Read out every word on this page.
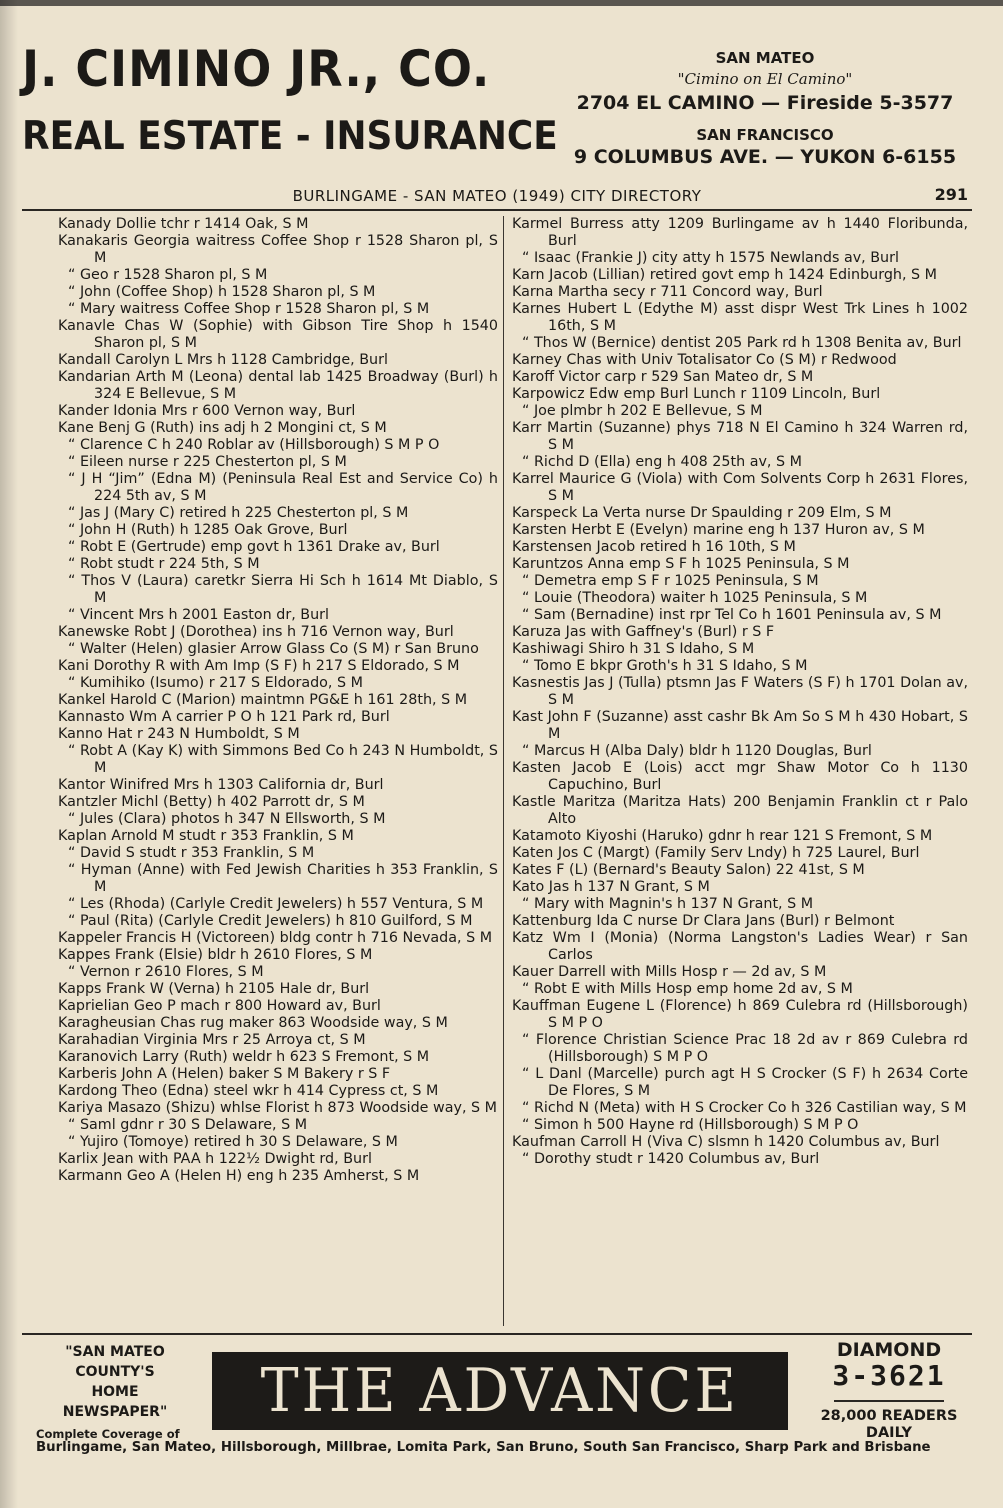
J. CIMINO JR., CO.
REAL ESTATE - INSURANCE
SAN MATEO
"Cimino on El Camino"
2704 EL CAMINO — Fireside 5-3577
SAN FRANCISCO
9 COLUMBUS AVE. — YUKON 6-6155
BURLINGAME - SAN MATEO (1949) CITY DIRECTORY	291

Kanady Dollie tchr r 1414 Oak, S M

Kanakaris Georgia waitress Coffee Shop r 1528 Sharon pl, S M

“ Geo r 1528 Sharon pl, S M

“ John (Coffee Shop) h 1528 Sharon pl, S M

“ Mary waitress Coffee Shop r 1528 Sharon pl, S M

Kanavle Chas W (Sophie) with Gibson Tire Shop h 1540 Sharon pl, S M

Kandall Carolyn L Mrs h 1128 Cambridge, Burl

Kandarian Arth M (Leona) dental lab 1425 Broadway (Burl) h 324 E Bellevue, S M

Kander Idonia Mrs r 600 Vernon way, Burl

Kane Benj G (Ruth) ins adj h 2 Mongini ct, S M

“ Clarence C h 240 Roblar av (Hillsborough) S M P O

“ Eileen nurse r 225 Chesterton pl, S M

“ J H “Jim” (Edna M) (Peninsula Real Est and Service Co) h 224 5th av, S M

“ Jas J (Mary C) retired h 225 Chesterton pl, S M

“ John H (Ruth) h 1285 Oak Grove, Burl

“ Robt E (Gertrude) emp govt h 1361 Drake av, Burl

“ Robt studt r 224 5th, S M

“ Thos V (Laura) caretkr Sierra Hi Sch h 1614 Mt Diablo, S M

“ Vincent Mrs h 2001 Easton dr, Burl

Kanewske Robt J (Dorothea) ins h 716 Vernon way, Burl

“ Walter (Helen) glasier Arrow Glass Co (S M) r San Bruno

Kani Dorothy R with Am Imp (S F) h 217 S Eldorado, S M

“ Kumihiko (Isumo) r 217 S Eldorado, S M

Kankel Harold C (Marion) maintmn PG&E h 161 28th, S M

Kannasto Wm A carrier P O h 121 Park rd, Burl

Kanno Hat r 243 N Humboldt, S M

“ Robt A (Kay K) with Simmons Bed Co h 243 N Humboldt, S M

Kantor Winifred Mrs h 1303 California dr, Burl

Kantzler Michl (Betty) h 402 Parrott dr, S M

“ Jules (Clara) photos h 347 N Ellsworth, S M

Kaplan Arnold M studt r 353 Franklin, S M

“ David S studt r 353 Franklin, S M

“ Hyman (Anne) with Fed Jewish Charities h 353 Franklin, S M

“ Les (Rhoda) (Carlyle Credit Jewelers) h 557 Ventura, S M

“ Paul (Rita) (Carlyle Credit Jewelers) h 810 Guilford, S M

Kappeler Francis H (Victoreen) bldg contr h 716 Nevada, S M

Kappes Frank (Elsie) bldr h 2610 Flores, S M

“ Vernon r 2610 Flores, S M

Kapps Frank W (Verna) h 2105 Hale dr, Burl

Kaprielian Geo P mach r 800 Howard av, Burl

Karagheusian Chas rug maker 863 Woodside way, S M

Karahadian Virginia Mrs r 25 Arroya ct, S M

Karanovich Larry (Ruth) weldr h 623 S Fremont, S M

Karberis John A (Helen) baker S M Bakery r S F

Kardong Theo (Edna) steel wkr h 414 Cypress ct, S M

Kariya Masazo (Shizu) whlse Florist h 873 Woodside way, S M

“ Saml gdnr r 30 S Delaware, S M

“ Yujiro (Tomoye) retired h 30 S Delaware, S M

Karlix Jean with PAA h 122½ Dwight rd, Burl

Karmann Geo A (Helen H) eng h 235 Amherst, S M

Karmel Burress atty 1209 Burlingame av h 1440 Floribunda, Burl

“ Isaac (Frankie J) city atty h 1575 Newlands av, Burl

Karn Jacob (Lillian) retired govt emp h 1424 Edinburgh, S M

Karna Martha secy r 711 Concord way, Burl

Karnes Hubert L (Edythe M) asst dispr West Trk Lines h 1002 16th, S M

“ Thos W (Bernice) dentist 205 Park rd h 1308 Benita av, Burl

Karney Chas with Univ Totalisator Co (S M) r Redwood

Karoff Victor carp r 529 San Mateo dr, S M

Karpowicz Edw emp Burl Lunch r 1109 Lincoln, Burl

“ Joe plmbr h 202 E Bellevue, S M

Karr Martin (Suzanne) phys 718 N El Camino h 324 Warren rd, S M

“ Richd D (Ella) eng h 408 25th av, S M

Karrel Maurice G (Viola) with Com Solvents Corp h 2631 Flores, S M

Karspeck La Verta nurse Dr Spaulding r 209 Elm, S M

Karsten Herbt E (Evelyn) marine eng h 137 Huron av, S M

Karstensen Jacob retired h 16 10th, S M

Karuntzos Anna emp S F h 1025 Peninsula, S M

“ Demetra emp S F r 1025 Peninsula, S M

“ Louie (Theodora) waiter h 1025 Peninsula, S M

“ Sam (Bernadine) inst rpr Tel Co h 1601 Peninsula av, S M

Karuza Jas with Gaffney's (Burl) r S F

Kashiwagi Shiro h 31 S Idaho, S M

“ Tomo E bkpr Groth's h 31 S Idaho, S M

Kasnestis Jas J (Tulla) ptsmn Jas F Waters (S F) h 1701 Dolan av, S M

Kast John F (Suzanne) asst cashr Bk Am So S M h 430 Hobart, S M

“ Marcus H (Alba Daly) bldr h 1120 Douglas, Burl

Kasten Jacob E (Lois) acct mgr Shaw Motor Co h 1130 Capuchino, Burl

Kastle Maritza (Maritza Hats) 200 Benjamin Franklin ct r Palo Alto

Katamoto Kiyoshi (Haruko) gdnr h rear 121 S Fremont, S M

Katen Jos C (Margt) (Family Serv Lndy) h 725 Laurel, Burl

Kates F (L) (Bernard's Beauty Salon) 22 41st, S M

Kato Jas h 137 N Grant, S M

“ Mary with Magnin's h 137 N Grant, S M

Kattenburg Ida C nurse Dr Clara Jans (Burl) r Belmont

Katz Wm I (Monia) (Norma Langston's Ladies Wear) r San Carlos

Kauer Darrell with Mills Hosp r — 2d av, S M

“ Robt E with Mills Hosp emp home 2d av, S M

Kauffman Eugene L (Florence) h 869 Culebra rd (Hillsborough) S M P O

“ Florence Christian Science Prac 18 2d av r 869 Culebra rd (Hillsborough) S M P O

“ L Danl (Marcelle) purch agt H S Crocker (S F) h 2634 Corte De Flores, S M

“ Richd N (Meta) with H S Crocker Co h 326 Castilian way, S M

“ Simon h 500 Hayne rd (Hillsborough) S M P O

Kaufman Carroll H (Viva C) slsmn h 1420 Columbus av, Burl

“ Dorothy studt r 1420 Columbus av, Burl

"SAN MATEO
COUNTY'S
HOME
NEWSPAPER"
Complete Coverage of
THE ADVANCE
DIAMOND
3-3621
28,000 READERS
DAILY
Burlingame, San Mateo, Hillsborough, Millbrae, Lomita Park, San Bruno, South San Francisco, Sharp Park and Brisbane
